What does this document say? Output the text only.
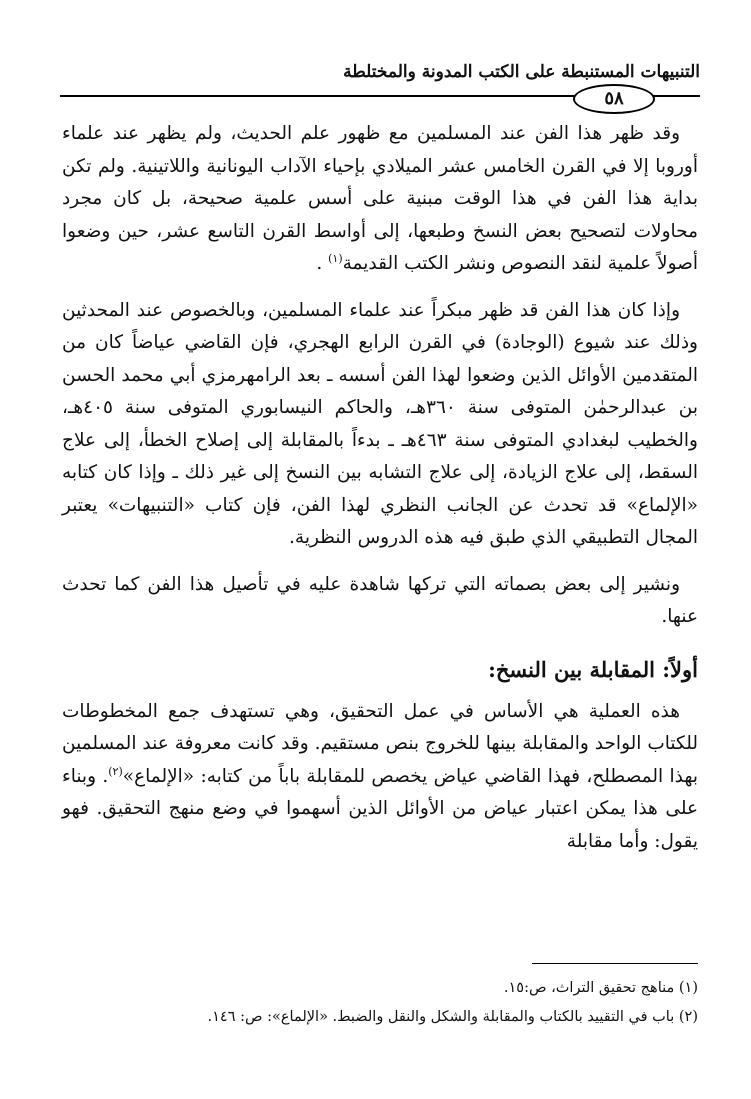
التنبيهات المستنبطة على الكتب المدونة والمختلطة
٥٨

وقد ظهر هذا الفن عند المسلمين مع ظهور علم الحديث، ولم يظهر عند علماء أوروبا إلا في القرن الخامس عشر الميلادي بإحياء الآداب اليونانية واللاتينية. ولم تكن بداية هذا الفن في هذا الوقت مبنية على أسس علمية صحيحة، بل كان مجرد محاولات لتصحيح بعض النسخ وطبعها، إلى أواسط القرن التاسع عشر، حين وضعوا أصولاً علمية لنقد النصوص ونشر الكتب القديمة$^{(١)}$ .

وإذا كان هذا الفن قد ظهر مبكراً عند علماء المسلمين، وبالخصوص عند المحدثين وذلك عند شيوع (الوجادة) في القرن الرابع الهجري، فإن القاضي عياضاً كان من المتقدمين الأوائل الذين وضعوا لهذا الفن أسسه ـ بعد الرامهرمزي أبي محمد الحسن بن عبدالرحمٰن المتوفى سنة ٣٦٠هـ، والحاكم النيسابوري المتوفى سنة ٤٠٥هـ، والخطيب لبغدادي المتوفى سنة ٤٦٣هـ ـ بدءاً بالمقابلة إلى إصلاح الخطأ، إلى علاج السقط، إلى علاج الزيادة، إلى علاج التشابه بين النسخ إلى غير ذلك ـ وإذا كان كتابه «الإلماع» قد تحدث عن الجانب النظري لهذا الفن، فإن كتاب «التنبيهات» يعتبر المجال التطبيقي الذي طبق فيه هذه الدروس النظرية.

ونشير إلى بعض بصماته التي تركها شاهدة عليه في تأصيل هذا الفن كما تحدث عنها.

أولاً: المقابلة بين النسخ:

هذه العملية هي الأساس في عمل التحقيق، وهي تستهدف جمع المخطوطات للكتاب الواحد والمقابلة بينها للخروج بنص مستقيم. وقد كانت معروفة عند المسلمين بهذا المصطلح، فهذا القاضي عياض يخصص للمقابلة باباً من كتابه: «الإلماع»$^{(٢)}$. وبناء على هذا يمكن اعتبار عياض من الأوائل الذين أسهموا في وضع منهج التحقيق. فهو يقول: وأما مقابلة

(١) مناهج تحقيق التراث، ص:١٥.
(٢) باب في التقييد بالكتاب والمقابلة والشكل والنقل والضبط. «الإلماع»: ص: ١٤٦.
